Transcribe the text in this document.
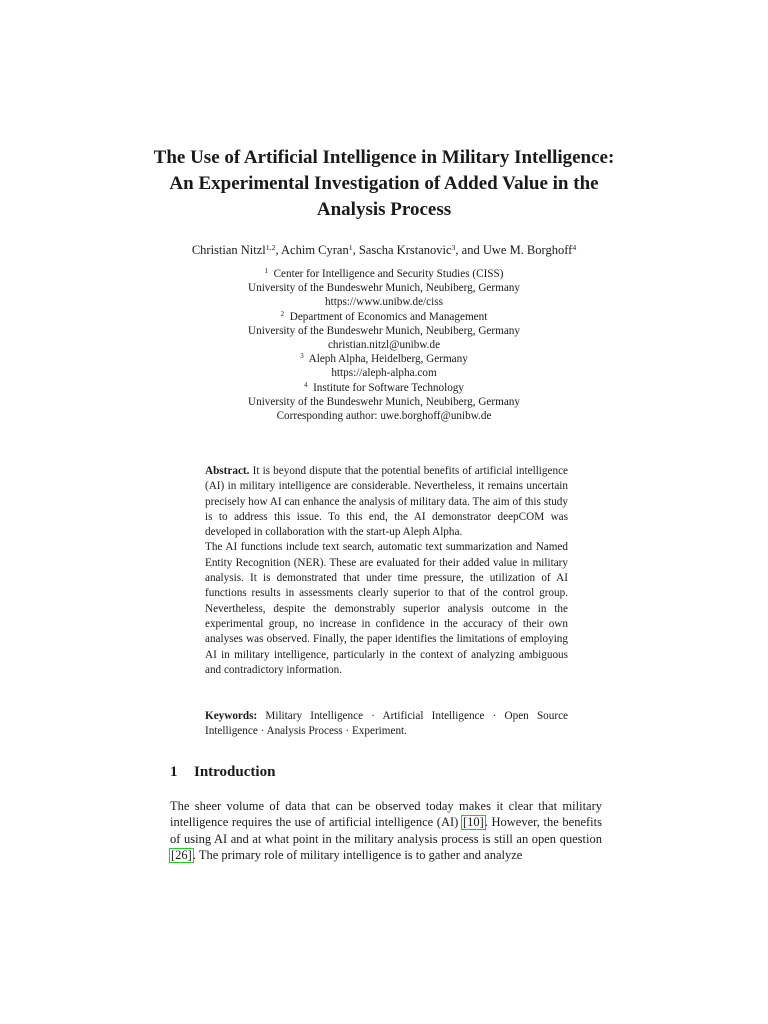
The Use of Artificial Intelligence in Military Intelligence: An Experimental Investigation of Added Value in the Analysis Process
Christian Nitzl$^{1,2}$, Achim Cyran$^1$, Sascha Krstanovic$^3$, and Uwe M. Borghoff$^4$
$^1$ Center for Intelligence and Security Studies (CISS)
University of the Bundeswehr Munich, Neubiberg, Germany
https://www.unibw.de/ciss
$^2$ Department of Economics and Management
University of the Bundeswehr Munich, Neubiberg, Germany
christian.nitzl@unibw.de
$^3$ Aleph Alpha, Heidelberg, Germany
https://aleph-alpha.com
$^4$ Institute for Software Technology
University of the Bundeswehr Munich, Neubiberg, Germany
Corresponding author: uwe.borghoff@unibw.de

Abstract. It is beyond dispute that the potential benefits of artificial intelligence (AI) in military intelligence are considerable. Nevertheless, it remains uncertain precisely how AI can enhance the analysis of military data. The aim of this study is to address this issue. To this end, the AI demonstrator deepCOM was developed in collaboration with the start-up Aleph Alpha.

The AI functions include text search, automatic text summarization and Named Entity Recognition (NER). These are evaluated for their added value in military analysis. It is demonstrated that under time pressure, the utilization of AI functions results in assessments clearly superior to that of the control group. Nevertheless, despite the demonstrably superior analysis outcome in the experimental group, no increase in confidence in the accuracy of their own analyses was observed. Finally, the paper identifies the limitations of employing AI in military intelligence, particularly in the context of analyzing ambiguous and contradictory information.

Keywords: Military Intelligence · Artificial Intelligence · Open Source Intelligence · Analysis Process · Experiment.
1 Introduction

The sheer volume of data that can be observed today makes it clear that military intelligence requires the use of artificial intelligence (AI) [10]. However, the benefits of using AI and at what point in the military analysis process is still an open question [26]. The primary role of military intelligence is to gather and analyze
